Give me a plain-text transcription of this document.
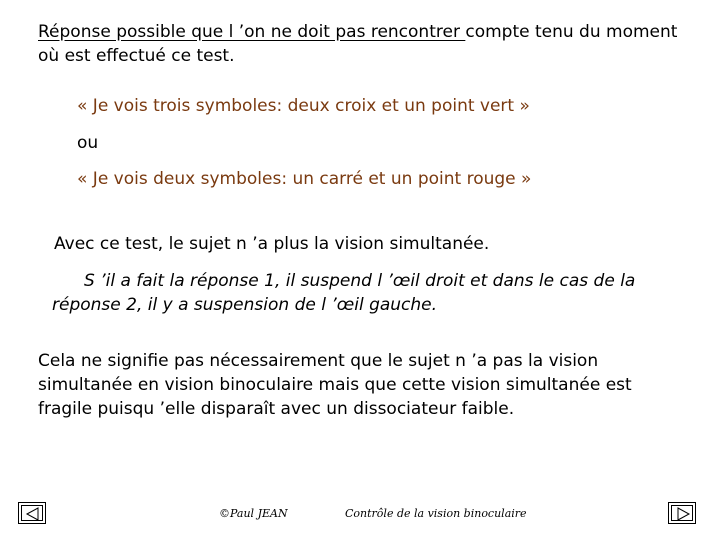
Réponse possible que l ’on ne doit pas rencontrer compte tenu du moment où est effectué ce test.
« Je vois trois symboles: deux croix et un point vert »
ou
« Je vois deux symboles: un carré et un point rouge »
Avec ce test, le sujet n ’a plus la vision simultanée.
S ’il a fait la réponse 1, il suspend l ’œil droit et dans le cas de la réponse 2, il y a suspension de l ’œil gauche.
Cela ne signifie pas nécessairement que le sujet n ’a pas la vision simultanée en vision binoculaire mais que cette vision simultanée est fragile puisqu ’elle disparaît avec un dissociateur faible.
©Paul JEAN	Contrôle de la vision binoculaire
